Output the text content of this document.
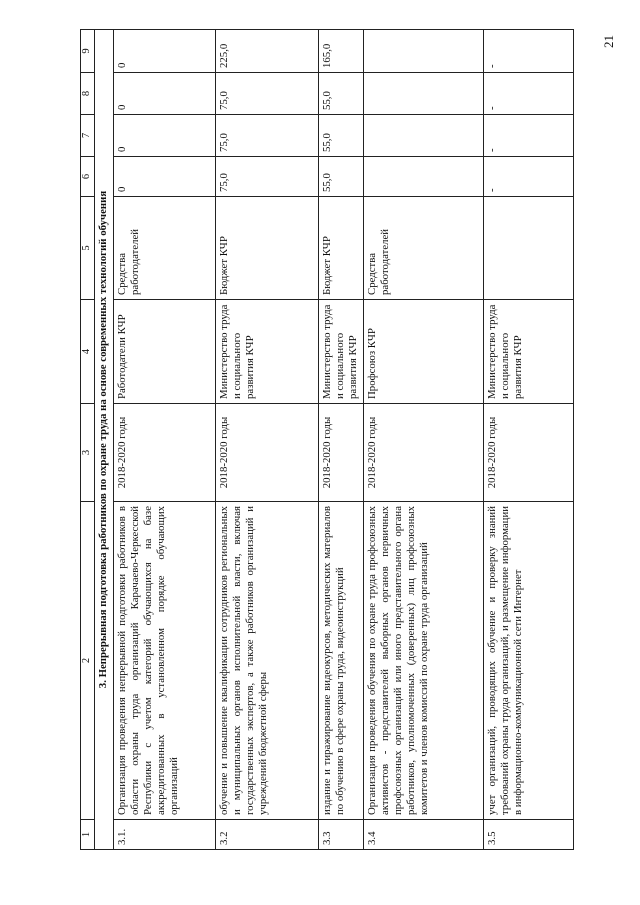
21
1	2	3	4	5	6	7	8	9
3. Непрерывная подготовка работников по охране труда на основе современных технологий обучения								
3.1.	Организация проведения непрерывной подготовки работников в области охраны труда организаций Карачаево-Черкесской Республики с учетом категорий обучающихся на базе аккредитованных в установленном порядке обучающих организаций	2018-2020 годы	Работодатели КЧР	Средства работодателей	0	0	0	0
3.2	обучение и повышение квалификации сотрудников региональных и муниципальных органов исполнительной власти, включая государственных экспертов, а также работников организаций и учреждений бюджетной сферы	2018-2020 годы	Министерство труда и социального развития КЧР	Бюджет КЧР	75,0	75,0	75,0	225,0
3.3	издание и тиражирование видеокурсов, методических материалов по обучению в сфере охраны труда, видеоинструкций	2018-2020 годы	Министерство труда и социального развития КЧР	Бюджет КЧР	55,0	55,0	55,0	165,0
3.4	Организация проведения обучения по охране труда профсоюзных активистов - представителей выборных органов первичных профсоюзных организаций или иного представительного органа работников, уполномоченных (доверенных) лиц профсоюзных комитетов и членов комиссий по охране труда организаций	2018-2020 годы	Профсоюз КЧР	Средства работодателей				
3.5	учет организаций, проводящих обучение и проверку знаний требований охраны труда организаций, и размещение информации в информационно-коммуникационной сети Интернет	2018-2020 годы	Министерство труда и социального развития КЧР		-	-	-	-
